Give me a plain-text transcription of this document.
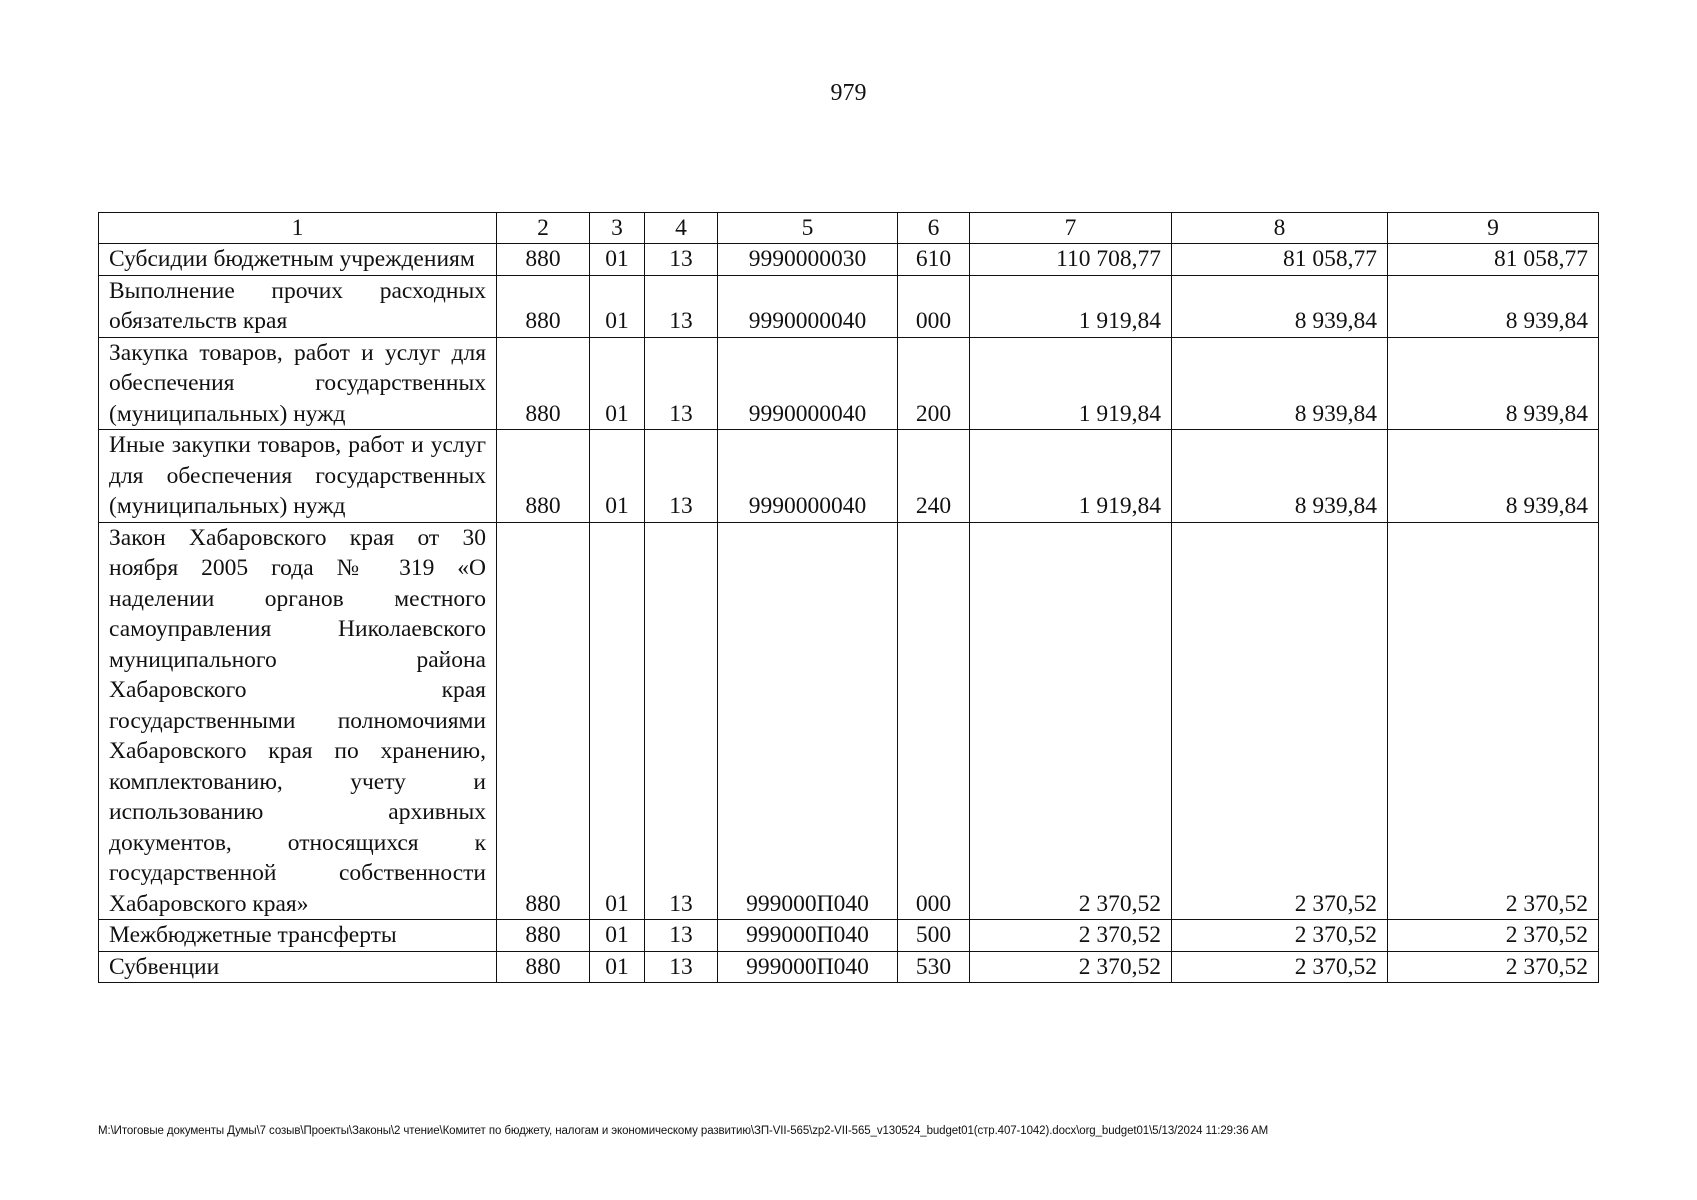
979
1	2	3	4	5	6	7	8	9
Субсидии бюджетным учреждениям	880	01	13	9990000030	610	110 708,77	81 058,77	81 058,77
Выполнение прочих расходных обязательств края	880	01	13	9990000040	000	1 919,84	8 939,84	8 939,84
Закупка товаров, работ и услуг для обеспечения государственных (муниципальных) нужд	880	01	13	9990000040	200	1 919,84	8 939,84	8 939,84
Иные закупки товаров, работ и услуг для обеспечения государственных (муниципальных) нужд	880	01	13	9990000040	240	1 919,84	8 939,84	8 939,84
Закон Хабаровского края от 30 ноября 2005 года № 319 «О наделении органов местного самоуправления Николаевского муниципального района Хабаровского края государственными полномочиями Хабаровского края по хранению, комплектованию, учету и использованию архивных документов, относящихся к государственной собственности Хабаровского края»	880	01	13	999000П040	000	2 370,52	2 370,52	2 370,52
Межбюджетные трансферты	880	01	13	999000П040	500	2 370,52	2 370,52	2 370,52
Субвенции	880	01	13	999000П040	530	2 370,52	2 370,52	2 370,52
M:\Итоговые документы Думы\7 созыв\Проекты\Законы\2 чтение\Комитет по бюджету, налогам и экономическому развитию\ЗП-VII-565\zp2-VII-565_v130524_budget01(стр.407-1042).docx\org_budget01\5/13/2024 11:29:36 AM
